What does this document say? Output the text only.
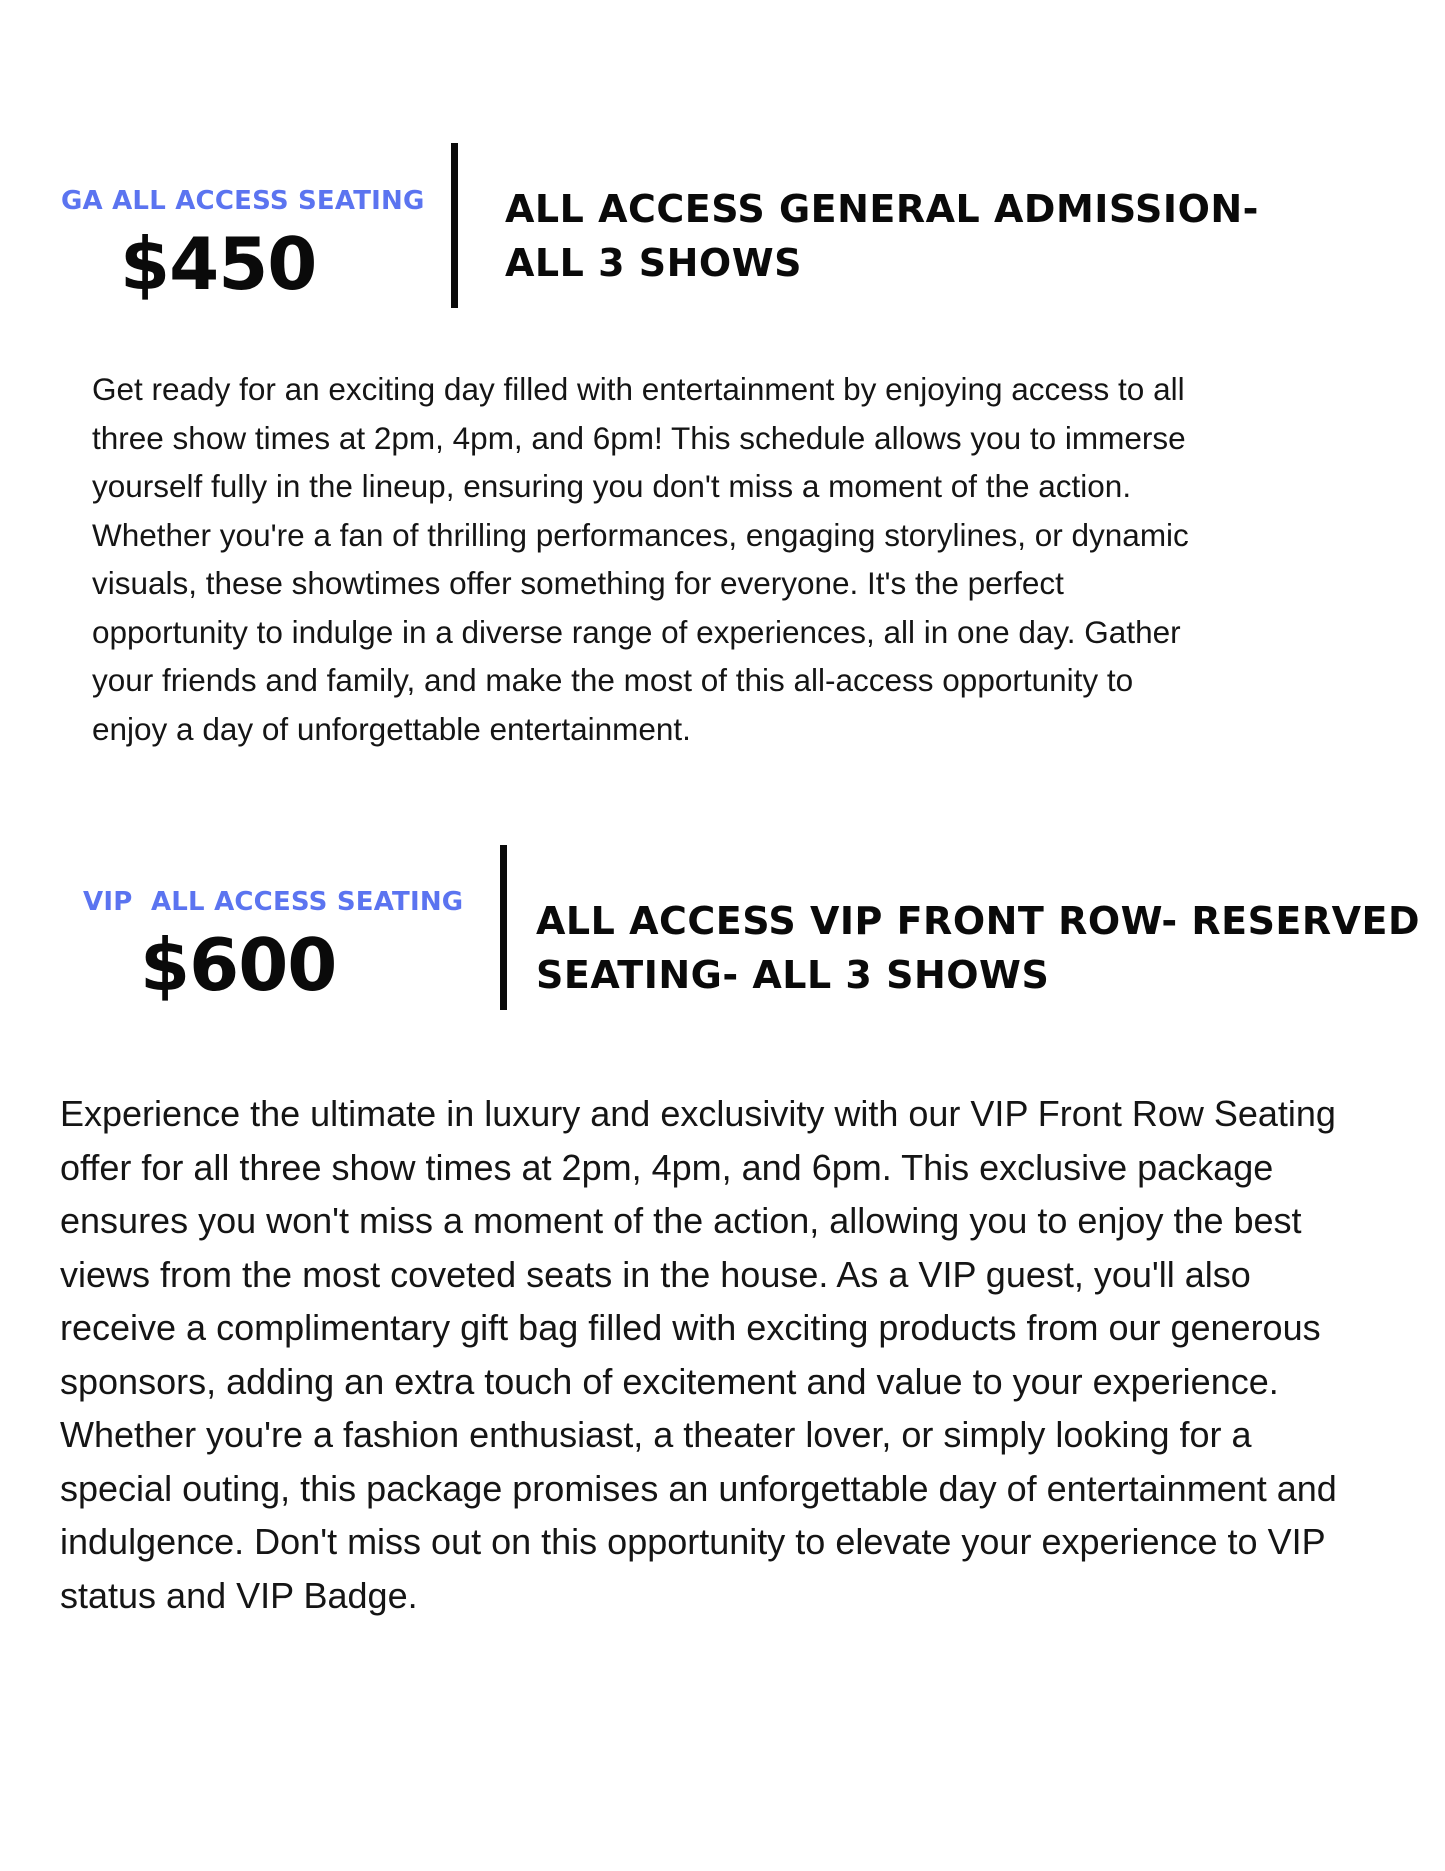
GA ALL ACCESS SEATING
$450
ALL ACCESS GENERAL ADMISSION-
ALL 3 SHOWS

Get ready for an exciting day filled with entertainment by enjoying access to all
three show times at 2pm, 4pm, and 6pm! This schedule allows you to immerse
yourself fully in the lineup, ensuring you don't miss a moment of the action.
Whether you're a fan of thrilling performances, engaging storylines, or dynamic
visuals, these showtimes offer something for everyone. It's the perfect
opportunity to indulge in a diverse range of experiences, all in one day. Gather
your friends and family, and make the most of this all-access opportunity to
enjoy a day of unforgettable entertainment.

VIP  ALL ACCESS SEATING
$600
ALL ACCESS VIP FRONT ROW- RESERVED
SEATING- ALL 3 SHOWS

Experience the ultimate in luxury and exclusivity with our VIP Front Row Seating
offer for all three show times at 2pm, 4pm, and 6pm. This exclusive package
ensures you won't miss a moment of the action, allowing you to enjoy the best
views from the most coveted seats in the house. As a VIP guest, you'll also
receive a complimentary gift bag filled with exciting products from our generous
sponsors, adding an extra touch of excitement and value to your experience.
Whether you're a fashion enthusiast, a theater lover, or simply looking for a
special outing, this package promises an unforgettable day of entertainment and
indulgence. Don't miss out on this opportunity to elevate your experience to VIP
status and VIP Badge.
